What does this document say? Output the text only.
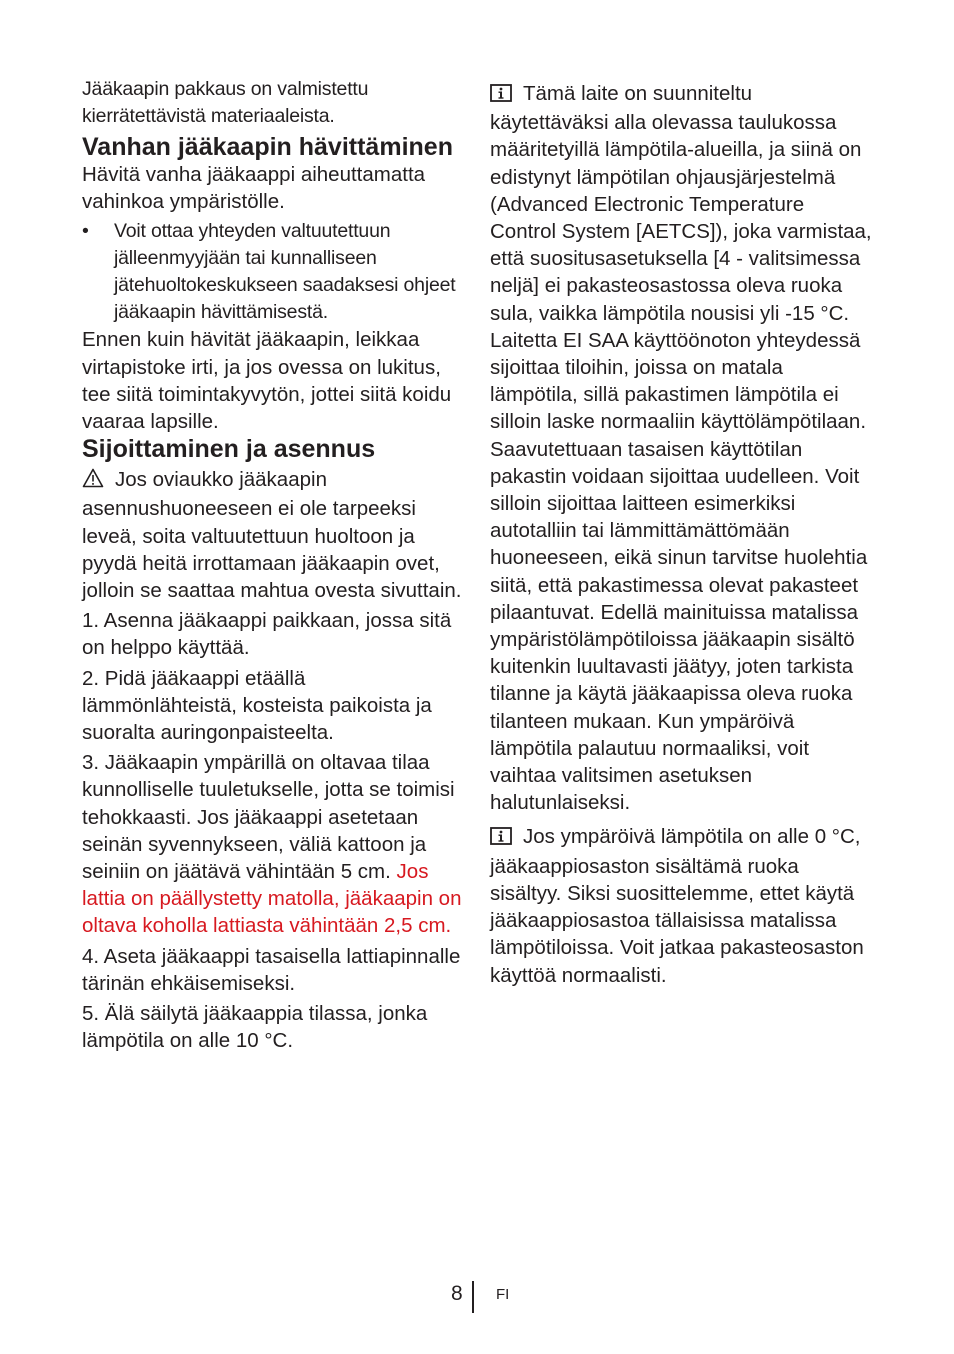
Jääkaapin pakkaus on valmistettu kierrätettävistä materiaaleista.

Vanhan jääkaapin hävittäminen

Hävitä vanha jääkaappi aiheuttamatta vahinkoa ympäristölle.

• Voit ottaa yhteyden valtuutettuun jälleenmyyjään tai kunnalliseen jätehuoltokeskukseen saadaksesi ohjeet jääkaapin hävittämisestä.

Ennen kuin hävität jääkaapin, leikkaa virtapistoke irti, ja jos ovessa on lukitus, tee siitä toimintakyvytön, jottei siitä koidu vaaraa lapsille.

Sijoittaminen ja asennus

Jos oviaukko jääkaapin asennushuoneeseen ei ole tarpeeksi leveä, soita valtuutettuun huoltoon ja pyydä heitä irrottamaan jääkaapin ovet, jolloin se saattaa mahtua ovesta sivuttain.

1. Asenna jääkaappi paikkaan, jossa sitä on helppo käyttää.

2. Pidä jääkaappi etäällä lämmönlähteistä, kosteista paikoista ja suoralta auringonpaisteelta.

3. Jääkaapin ympärillä on oltavaa tilaa kunnolliselle tuuletukselle, jotta se toimisi tehokkaasti. Jos jääkaappi asetetaan seinän syvennykseen, väliä kattoon ja seiniin on jäätävä vähintään 5 cm. Jos lattia on päällystetty matolla, jääkaapin on oltava koholla lattiasta vähintään 2,5 cm.

4. Aseta jääkaappi tasaisella lattiapinnalle tärinän ehkäisemiseksi.

5. Älä säilytä jääkaappia tilassa, jonka lämpötila on alle 10 °C.

Tämä laite on suunniteltu käytettäväksi alla olevassa taulukossa määritetyillä lämpötila-alueilla, ja siinä on edistynyt lämpötilan ohjausjärjestelmä (Advanced Electronic Temperature Control System [AETCS]), joka varmistaa, että suositusasetuksella [4 - valitsimessa neljä] ei pakasteosastossa oleva ruoka sula, vaikka lämpötila nousisi yli -15 °C. Laitetta EI SAA käyttöönoton yhteydessä sijoittaa tiloihin, joissa on matala lämpötila, sillä pakastimen lämpötila ei silloin laske normaaliin käyttölämpötilaan. Saavutettuaan tasaisen käyttötilan pakastin voidaan sijoittaa uudelleen. Voit silloin sijoittaa laitteen esimerkiksi autotalliin tai lämmittämättömään huoneeseen, eikä sinun tarvitse huolehtia siitä, että pakastimessa olevat pakasteet pilaantuvat. Edellä mainituissa matalissa ympäristölämpötiloissa jääkaapin sisältö kuitenkin luultavasti jäätyy, joten tarkista tilanne ja käytä jääkaapissa oleva ruoka tilanteen mukaan. Kun ympäröivä lämpötila palautuu normaaliksi, voit vaihtaa valitsimen asetuksen halutunlaiseksi.

Jos ympäröivä lämpötila on alle 0 °C, jääkaappiosaston sisältämä ruoka sisältyy. Siksi suosittelemme, ettet käytä jääkaappiosastoa tällaisissa matalissa lämpötiloissa. Voit jatkaa pakasteosaston käyttöä normaalisti.

8 FI
